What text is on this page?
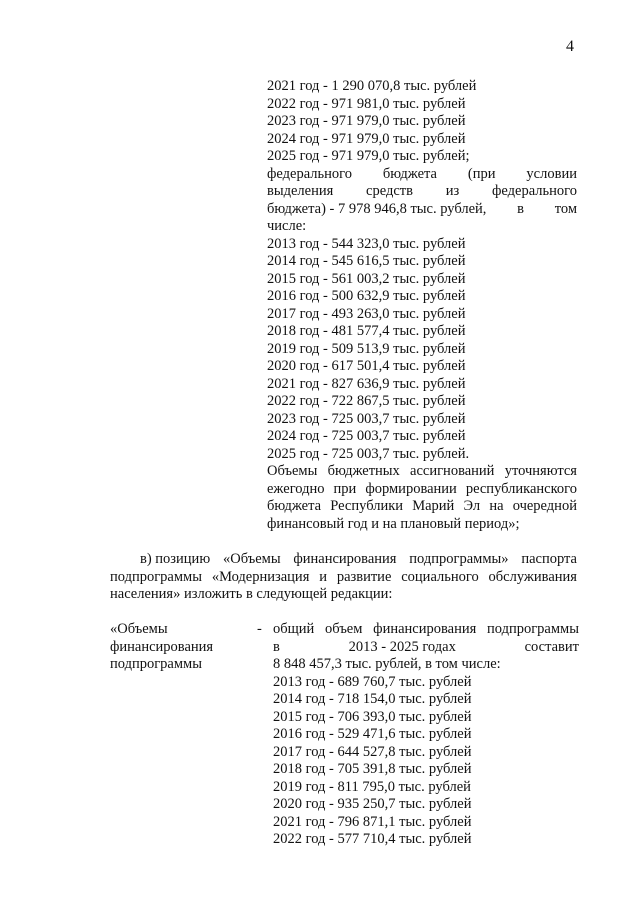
4
2021 год - 1 290 070,8 тыс. рублей
2022 год - 971 981,0 тыс. рублей
2023 год - 971 979,0 тыс. рублей
2024 год - 971 979,0 тыс. рублей
2025 год - 971 979,0 тыс. рублей;
федерального бюджета (при условии
выделения средств из федерального
бюджета) - 7 978 946,8 тыс. рублей, в том
числе:
2013 год - 544 323,0 тыс. рублей
2014 год - 545 616,5 тыс. рублей
2015 год - 561 003,2 тыс. рублей
2016 год - 500 632,9 тыс. рублей
2017 год - 493 263,0 тыс. рублей
2018 год - 481 577,4 тыс. рублей
2019 год - 509 513,9 тыс. рублей
2020 год - 617 501,4 тыс. рублей
2021 год - 827 636,9 тыс. рублей
2022 год - 722 867,5 тыс. рублей
2023 год - 725 003,7 тыс. рублей
2024 год - 725 003,7 тыс. рублей
2025 год - 725 003,7 тыс. рублей.
Объемы бюджетных ассигнований уточняются
ежегодно при формировании республиканского
бюджета Республики Марий Эл на очередной
финансовый год и на плановый период»;
в) позицию «Объемы финансирования подпрограммы» паспорта
подпрограммы «Модернизация и развитие социального обслуживания
населения» изложить в следующей редакции:
«Объемы
финансирования
подпрограммы
- общий объем финансирования подпрограммы
в	2013 - 2025 годах	составит
8 848 457,3 тыс. рублей, в том числе:
2013 год - 689 760,7 тыс. рублей
2014 год - 718 154,0 тыс. рублей
2015 год - 706 393,0 тыс. рублей
2016 год - 529 471,6 тыс. рублей
2017 год - 644 527,8 тыс. рублей
2018 год - 705 391,8 тыс. рублей
2019 год - 811 795,0 тыс. рублей
2020 год - 935 250,7 тыс. рублей
2021 год - 796 871,1 тыс. рублей
2022 год - 577 710,4 тыс. рублей
